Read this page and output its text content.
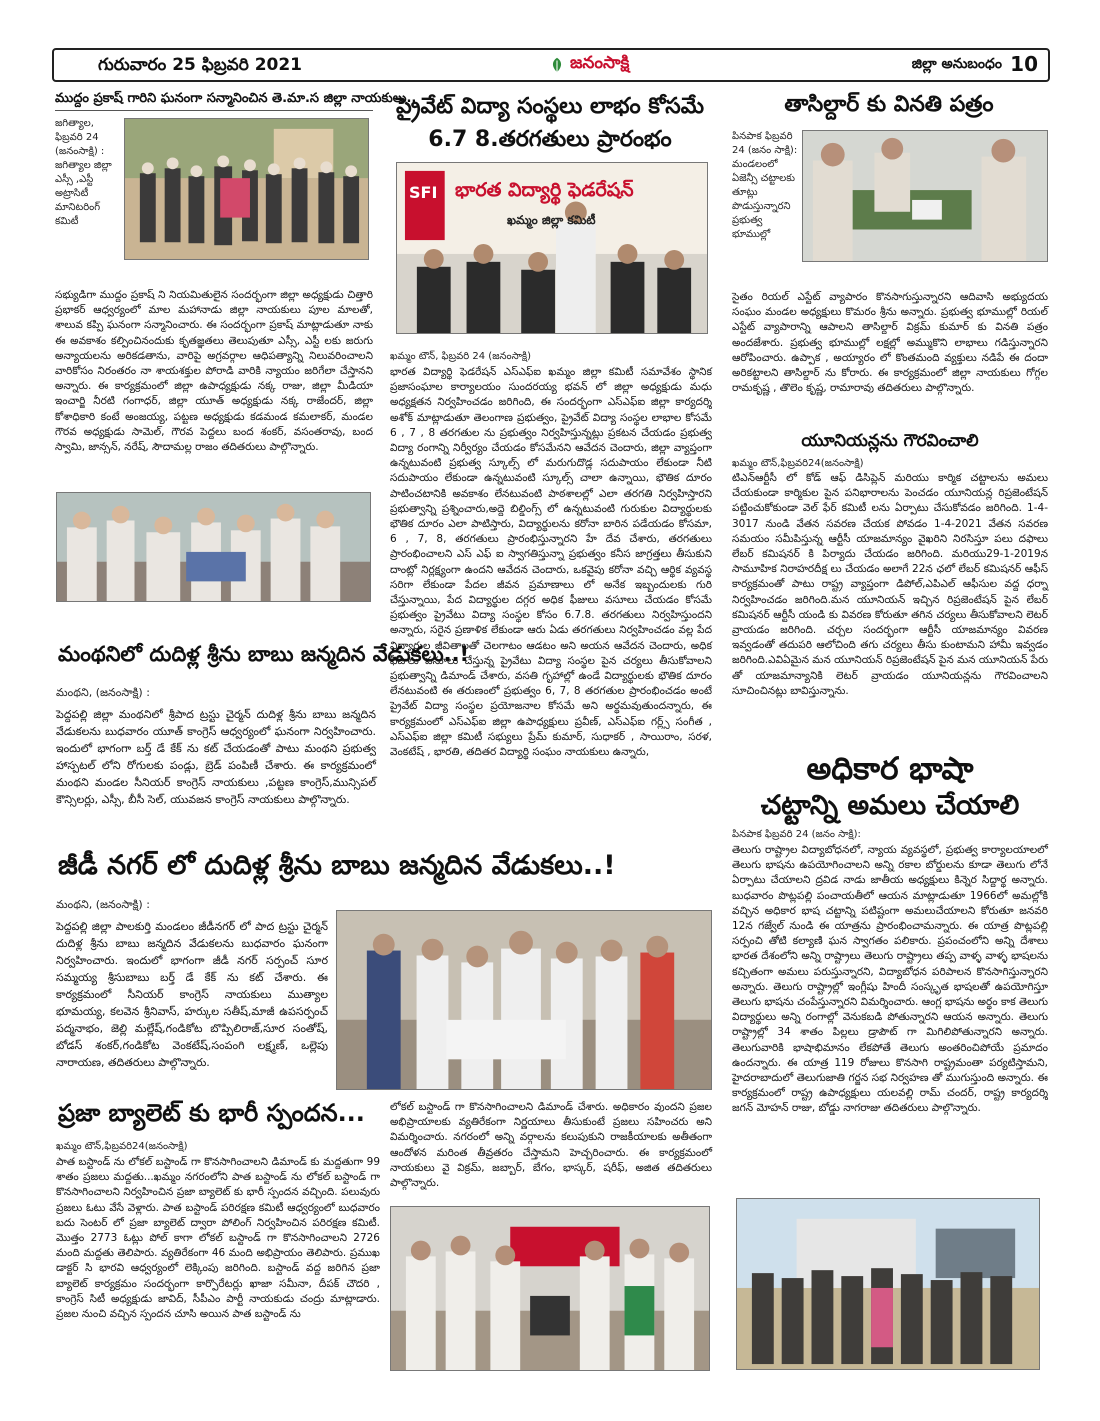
గురువారం 25 ఫిబ్రవరి 2021	జనంసాక్షి	జిల్లా అనుబంధం 10
ముద్దం ప్రకాష్ గారిని ఘనంగా సన్మానించిన తె.మా.స జిల్లా నాయకులు..
జగిత్యాల, ఫిబ్రవరి 24 (జనంసాక్షి) : జగిత్యాల జిల్లా ఎస్సీ ,ఎస్టీ అట్రాసిటీ మానిటరింగ్ కమిటీ
సభ్యుడిగా ముద్దం ప్రకాష్ ని నియమితులైన సందర్భంగా జిల్లా అధ్యక్షుడు చిత్తారి ప్రభాకర్ ఆధ్వర్యంలో మాల మహానాడు జిల్లా నాయకులు పూల మాలతో, శాలువ కప్పి ఘనంగా సన్మానించారు. ఈ సందర్భంగా ప్రకాష్ మాట్లాడుతూ నాకు ఈ అవకాశం కల్పించినందుకు కృతజ్ఞతలు తెలుపుతూ ఎస్సీ, ఎస్టీ లకు జరుగు అన్యాయలను అరికడతాను, వారిపై అగ్రవర్గాల ఆధిపత్యాన్ని నిలువరించాలని వారికోసం నిరంతరం నా శాయశక్తుల పోరాడి వారికి న్యాయం జరిగేలా చేస్తానని అన్నారు. ఈ కార్యక్రమంలో జిల్లా ఉపాధ్యక్షుడు నక్క రాజు, జిల్లా మీడియా ఇంచార్జి నీరటి గంగాధర్, జిల్లా యూత్ అధ్యక్షుడు నక్క రాజేందర్, జిల్లా కోశాధికారి కంటే అంజయ్య, పట్టణ అధ్యక్షుడు కడమండ కమలాకర్, మండల గౌరవ అధ్యక్షుడు సామెల్, గౌరవ పెద్దలు బంద శంకర్, వసంతరావు, బంద స్వామి, జాన్సన్, నరేష్, సౌదామల్ల రాజం తదితరులు పాల్గొన్నారు.
మంథనిలో దుదిళ్ల శ్రీను బాబు జన్మదిన వేడుకలు..!
మంథని, (జనంసాక్షి) :
పెద్దపల్లి జిల్లా మంథనిలో శ్రీపాద ట్రస్టు చైర్మన్ దుదిళ్ల శ్రీను బాబు జన్మదిన వేడుకలను బుధవారం యూత్ కాంగ్రెస్ ఆధ్వర్యంలో ఘనంగా నిర్వహించారు. ఇందులో భాగంగా బర్త్ డే కేక్ ను కట్ చేయడంతో పాటు మంథని ప్రభుత్వ హాస్పటల్ లోని రోగులకు పండ్లు, బ్రెడ్ పంపిణీ చేశారు. ఈ కార్యక్రమంలో మంథని మండల సీనియర్ కాంగ్రెస్ నాయకులు ,పట్టణ కాంగ్రెస్,మున్సిపల్ కౌన్సిలర్లు, ఎస్సీ, బీసీ సెల్, యువజన కాంగ్రెస్ నాయకులు పాల్గొన్నారు.
ప్రైవేట్ విద్యా సంస్థలు లాభం కోసమే 6.7 8.తరగతులు ప్రారంభం
SFI భారత విద్యార్థి ఫెడరేషన్
ఖమ్మం జిల్లా కమిటీ
ఖమ్మం టౌన్, ఫిబ్రవరి 24 (జనంసాక్షి)
భారత విద్యార్థి ఫెడరేషన్ ఎస్ఎఫ్ఐ ఖమ్మం జిల్లా కమిటీ సమావేశం స్థానిక ప్రజాసంఘాల కార్యాలయం సుందరయ్య భవన్ లో జిల్లా అధ్యక్షుడు మధు అధ్యక్షతన నిర్వహించడం జరిగింది, ఈ సందర్భంగా ఎస్ఎఫ్ఐ జిల్లా కార్యదర్శి అశోక్ మాట్లాడుతూ తెలంగాణ ప్రభుత్వం, ప్రైవేట్ విద్యా సంస్థల లాభాల కోసమే 6 , 7 , 8 తరగతుల ను ప్రభుత్వం నిర్వహిస్తున్నట్లు ప్రకటన చేయడం ప్రభుత్వ విద్యా రంగాన్ని నిర్వీర్యం చేయడం కోసమేనని ఆవేదన చెందారు, జిల్లా వ్యాప్తంగా ఉన్నటువంటి ప్రభుత్వ స్కూల్స్ లో మరుగుదొడ్ల సదుపాయం లేకుండా నీటి సదుపాయం లేకుండా ఉన్నటువంటి స్కూల్స్ చాలా ఉన్నాయి, భౌతిక దూరం పాటించటానికి అవకాశం లేనటువంటి పాఠశాలల్లో ఎలా తరగతి నిర్వహిస్తారని ప్రభుత్వాన్ని ప్రశ్నించారు,అద్దె బిల్డింగ్స్ లో ఉన్నటువంటి గురుకుల విద్యార్థులకు భౌతిక దూరం ఎలా పాటిస్తారు, విద్యార్థులను కరోనా బారిన పడేయడం కోసమా, 6 , 7, 8, తరగతులు ప్రారంభిస్తున్నారని హే దేవ చేశారు, తరగతులు ప్రారంభించాలని ఎస్ ఎఫ్ ఐ స్వాగతిస్తున్నా ప్రభుత్వం కనీస జాగ్రత్తలు తీసుకుని దాంట్లో నిర్లక్ష్యంగా ఉందని ఆవేదన చెందారు, ఒకవైపు కరోనా వచ్చి ఆర్థిక వ్యవస్థ సరిగా లేకుండా పేదల జీవన ప్రమాణాలు లో అనేక ఇబ్బందులకు గురి చేస్తున్నాయి, పేద విద్యార్థుల దగ్గర అధిక ఫీజులు వసూలు చేయడం కోసమే ప్రభుత్వం ప్రైవేటు విద్యా సంస్థల కోసం 6.7.8. తరగతులు నిర్వహిస్తుందని అన్నారు, సరైన ప్రణాళిక లేకుండా ఆరు ఏడు తరగతులు నిర్వహించడం వల్ల పేద విద్యార్థుల జీవితాలతో చెలగాటం ఆడటం అని అయన ఆవేదన చెందారు, అధిక ఫీజులు వసూలు చేస్తున్న ప్రైవేటు విద్యా సంస్థల పైన చర్యలు తీసుకోవాలని ప్రభుత్వాన్ని డిమాండ్ చేశారు, వసతి గృహాల్లో ఉండే విద్యార్థులకు భౌతిక దూరం లేనటువంటి ఈ తరుణంలో ప్రభుత్వం 6, 7, 8 తరగతుల ప్రారంభించడం అంటే ప్రైవేట్ విద్యా సంస్థల ప్రయోజనాల కోసమే అని అర్థమవుతుందన్నారు, ఈ కార్యక్రమంలో ఎస్ఎఫ్ఐ జిల్లా ఉపాధ్యక్షులు ప్రవీణ్, ఎస్ఎఫ్ఐ గర్ల్స్ సంగీత , ఎస్ఎఫ్ఐ జిల్లా కమిటీ సభ్యులు ప్రేమ్ కుమార్, సుధాకర్ , సాయిరాం, సరళ, వెంకటేష్ , భారతి, తదితర విద్యార్థి సంఘం నాయకులు ఉన్నారు,
తాసిల్దార్ కు వినతి పత్రం
పినపాక ఫిబ్రవరి 24 (జనం సాక్షి): మండలంలో ఏజెన్సీ చట్టాలకు తూట్లు పొడుస్తున్నారని ప్రభుత్వ భూముల్లో
సైతం రియల్ ఎస్టేట్ వ్యాపారం కొనసాగుస్తున్నారని ఆదివాసి అభ్యుదయ సంఘం మండల అధ్యక్షులు కొమరం శ్రీను అన్నారు. ప్రభుత్వ భూముల్లో రియల్ ఎస్టేట్ వ్యాపారాన్ని ఆపాలని తాసిల్దార్ విక్రమ్ కుమార్ కు వినతి పత్రం అందజేశారు. ప్రభుత్వ భూముల్లో లక్షల్లో అమ్ముకొని లాభాలు గడిస్తున్నారని ఆరోపించారు. ఉప్పాక , అయ్యారం లో కొంతమంది వ్యక్తులు నడిపే ఈ దందా అరికట్టాలని తాసిల్దార్ ను కోరారు. ఈ కార్యక్రమంలో జిల్లా నాయకులు గోగ్గల రామకృష్ణ , తొలెం కృష్ణ, రామారావు తదితరులు పాల్గొన్నారు.
యూనియన్లను గౌరవించాలి
ఖమ్మం టౌన్,ఫిబ్రవరి24(జనంసాక్షి)
టిఎన్ఆర్టీసీ లో కోడ్ ఆఫ్ డిసిప్లెన్ మరియు కార్మిక చట్టాలను అమలు చేయకుండా కార్మికుల పైన పనిభారాలను పెంచడం యూనియన్ల రిప్రజెంటేషన్ పట్టించుకోకుండా వెల్ ఫేర్ కమిటీ లను ఏర్పాటు చేసుకోవడం జరిగింది. 1-4-3017 నుండి వేతన సవరణ చేయక పోవడం 1-4-2021 వేతన సవరణ సమయం సమీపిస్తున్న ఆర్టీసీ యాజమాన్యం వైఖరిని నిరసిస్తూ పలు దఫాలు లేబర్ కమిషనర్ కి పిర్యాదు చేయడం జరిగింది. మరియు29-1-2019న సామూహిక నిరాహరదీక్ష లు చేయడం అలాగే 22న ఛలో లేబర్ కమిషనర్ ఆఫీస్ కార్యక్రమంతో పాటు రాష్ట్ర వ్యాప్తంగా డిపోల్,ఎపిఎల్ ఆఫీసుల వద్ద ధర్నా నిర్వహించడం జరిగింది.మన యూనియన్ ఇచ్చిన రిప్రజెంటేషన్ పైన లేబర్ కమిషనర్ ఆర్టీసీ యండి కు వివరణ కోరుతూ తగిన చర్యలు తీసుకోవాలని లెటర్ వ్రాయడం జరిగింది. చర్చల సందర్భంగా ఆర్టీసీ యాజమాన్యం వివరణ ఇవ్వడంతో తదుపరి ఆలోచింది తగు చర్యలు తీసు కుంటామని హామీ ఇవ్వడం జరిగింది.ఎవిఏమైన మన యూనియన్ రిప్రజెంటేషన్ పైన మన యూనియన్ పేరు తో యాజమాన్యానికి లెటర్ వ్రాయడం యూనియన్లను గౌరవించాలని సూచించినట్లు బావిస్తున్నాను.
అధికార భాషా
చట్టాన్ని అమలు చేయాలి
పినపాక ఫిబ్రవరి 24 (జనం సాక్షి):
తెలుగు రాష్ట్రాల విద్యాబోధనలో, న్యాయ వ్యవస్థలో, ప్రభుత్వ కార్యాలయాలలో తెలుగు భాషను ఉపయోగించాలని అన్ని రకాల బోర్డులను కూడా తెలుగు లోనే ఏర్పాటు చేయాలని ద్రవిడ నాడు జాతీయ అధ్యక్షులు కిన్నెర సిద్దార్థ అన్నారు. బుధవారం పొట్లపల్లి పంచాయతీలో ఆయన మాట్లాడుతూ 1966లో అమల్లోకి వచ్చిన అధికార భాష చట్టాన్ని పటిష్టంగా అమలుచేయాలని కోరుతూ జనవరి 12న గజ్వేల్ నుండి ఈ యాత్రను ప్రారంభించామన్నారు. ఈ యాత్ర పొట్లపల్లి సర్పంచి తోటి కల్యాణి ఘన స్వాగతం పలికారు. ప్రపంచంలోని అన్ని దేశాలు భారత దేశంలోని అన్ని రాష్ట్రాలు తెలుగు రాష్ట్రాలు తప్ప వాళ్ళ వాళ్ళ భాషలను కచ్చితంగా అమలు పరుస్తున్నారని, విద్యాబోధన పరిపాలన కొనసాగిస్తున్నారని అన్నారు. తెలుగు రాష్ట్రాల్లో ఇంగ్లీషు హిందీ సంస్కృత భాషలతో ఉపయోగిస్తూ తెలుగు భాషను చంపేస్తున్నారని విమర్శించారు. ఆంగ్ల భాషను అర్థం కాక తెలుగు విద్యార్థులు అన్ని రంగాల్లో వెనుకబడి పోతున్నారని ఆయన అన్నారు. తెలుగు రాష్ట్రాల్లో 34 శాతం పిల్లలు డ్రాపౌట్ గా మిగిలిపోతున్నారని అన్నారు. తెలుగువారికి భాషాభిమానం లేకపోతే తెలుగు అంతరించిపోయే ప్రమాదం ఉందన్నారు. ఈ యాత్ర 119 రోజులు కొనసాగి రాష్ట్రమంతా పర్యటిస్తామని, హైదరాబాదులో తెలుగుజాతి గర్జన సభ నిర్వహణ తో ముగుస్తుంది అన్నారు. ఈ కార్యక్రమంలో రాష్ట్ర ఉపాధ్యక్షులు యలవల్లి రామ్ చందర్, రాష్ట్ర కార్యదర్శి జగన్ మోహన్ రాజు, బోడ్డు నాగరాజు తదితరులు పాల్గొన్నారు.
జీడీ నగర్ లో దుదిళ్ల శ్రీను బాబు జన్మదిన వేడుకలు..!
మంథని, (జనంసాక్షి) :
పెద్దపల్లి జిల్లా పాలకుర్తి మండలం జీడీనగర్ లో పాద ట్రస్టు చైర్మన్ దుదిళ్ల శ్రీను బాబు జన్మదిన వేడుకలను బుధవారం ఘనంగా నిర్వహించారు. ఇందులో భాగంగా జీడీ నగర్ సర్పంచ్ సూర సమ్మయ్య శ్రీసుబాబు బర్త్ డే కేక్ ను కట్ చేశారు. ఈ కార్యక్రమంలో సీనియర్ కాంగ్రెస్ నాయకులు ముత్యాల భూమయ్య, కలవెన శ్రీనివాస్, హర్కుల సతీష్,మాజీ ఉపసర్పంచ్ పద్మనాభం, జెల్లి మల్లేష్,గండికోట బొప్పిలిరాజ్,సూర సంతోష్, బోడస్ శంకర్,గండికోట వెంకటేష్,సంపంగి లక్ష్మణ్, ఒల్లెపు నారాయణ, తదితరులు పాల్గొన్నారు.
ప్రజా బ్యాలెట్ కు భారీ స్పందన...
ఖమ్మం టౌన్,ఫిబ్రవరి24(జనంసాక్షి)
పాత బస్టాండ్ ను లోకల్ బస్టాండ్ గా కొనసాగించాలని డిమాండ్ కు మద్దతుగా 99 శాతం ప్రజలు మద్దతు...ఖమ్మం నగరంలోని పాత బస్టాండ్ ను లోకల్ బస్టాండ్ గా కొనసాగించాలని నిర్వహించిన ప్రజా బ్యాలెట్ కు భారీ స్పందన వచ్చింది. పలువురు ప్రజలు ఓటు వేసే వెళ్లారు. పాత బస్టాండ్ పరిరక్షణ కమిటీ ఆధ్వర్యంలో బుధవారం బదు సెంటర్ లో ప్రజా బ్యాలెట్ ద్వారా పోలింగ్ నిర్వహించిన పరిరక్షణ కమిటీ. మొత్తం 2773 ఓట్లు పోల్ కాగా లోకల్ బస్టాండ్ గా కొనసాగించాలని 2726 మంది మద్దతు తెలిపారు. వ్యతిరేకంగా 46 మంది అభిప్రాయం తెలిపారు. ప్రముఖ డాక్టర్ సి భారవి ఆధ్వర్యంలో లెక్కింపు జరిగింది. బస్టాండ్ వద్ద జరిగిన ప్రజా బ్యాలెట్ కార్యక్రమం సందర్భంగా కార్పొరేటర్లు ఖాజా సమీనా, దీపక్ చౌదరి , కాంగ్రెస్ సిటీ అధ్యక్షుడు జావిద్, సీపీఎం పార్టీ నాయకుడు చంద్రు మాట్లాడారు. ప్రజల నుంచి వచ్చిన స్పందన చూసి అయిన పాత బస్టాండ్ ను
లోకల్ బస్టాండ్ గా కొనసాగించాలని డిమాండ్ చేశారు. అధికారం వుందని ప్రజల అభిప్రాయాలకు వ్యతిరేకంగా నిర్ణయాలు తీసుకుంటే ప్రజలు సహించరు అని విమర్శించారు. నగరంలో అన్ని వర్గాలను కలుపుకుని రాజకీయాలకు అతీతంగా ఆందోళన మరింత తీవ్రతరం చేస్తామని హెచ్చరించారు. ఈ కార్యక్రమంలో నాయకులు వై విక్రమ్, జబ్బార్, బేగం, భాస్కర్, షరీఫ్, అజిత తదితరులు పాల్గొన్నారు.
